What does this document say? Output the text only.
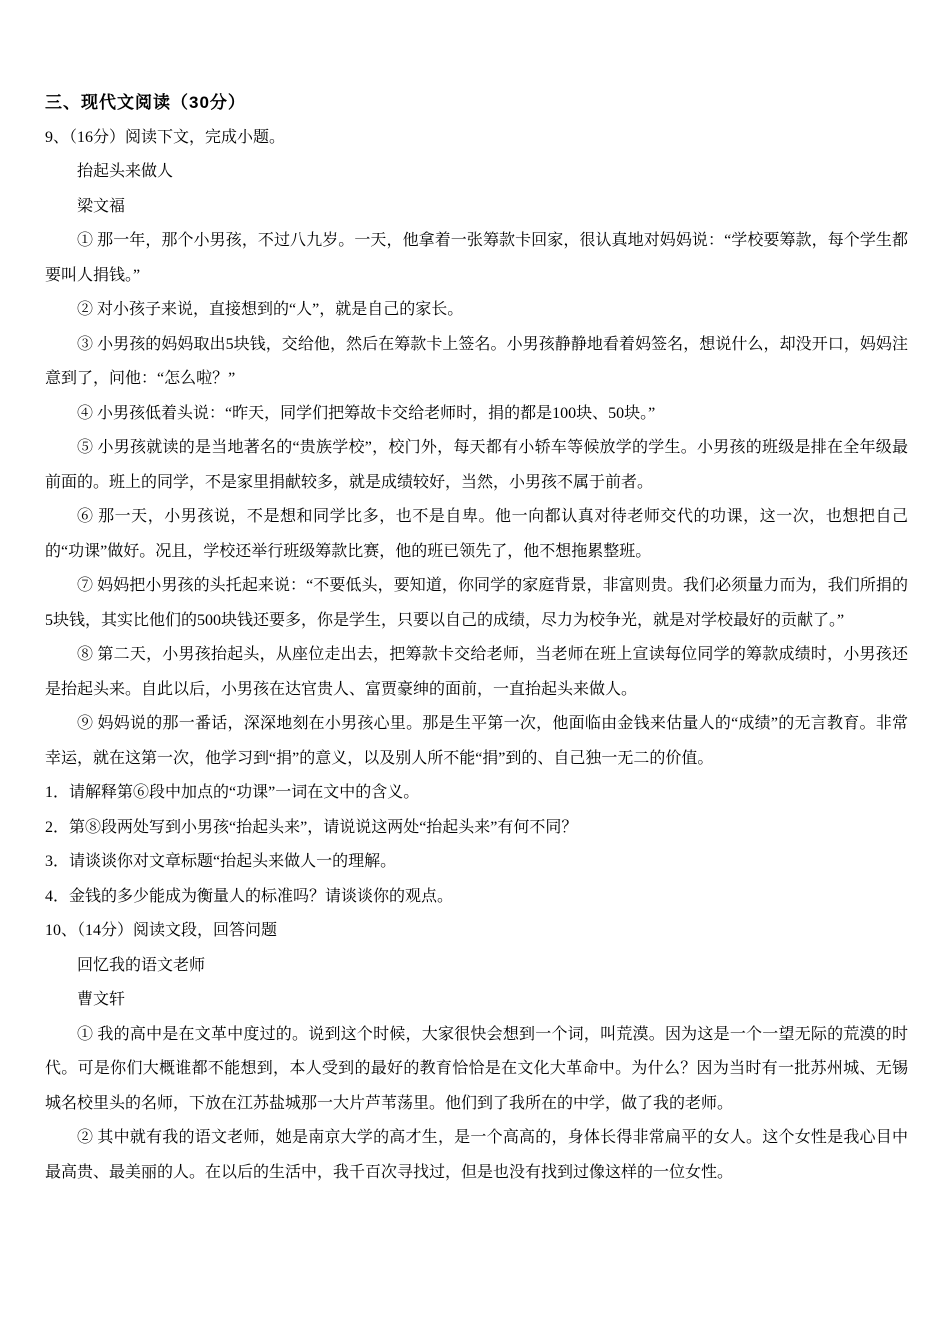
三、现代文阅读（30分）

9、（16分）阅读下文，完成小题。

抬起头来做人

梁文福

① 那一年，那个小男孩，不过八九岁。一天，他拿着一张筹款卡回家，很认真地对妈妈说：“学校要筹款，每个学生都要叫人捐钱。”

② 对小孩子来说，直接想到的“人”，就是自己的家长。

③ 小男孩的妈妈取出5块钱，交给他，然后在筹款卡上签名。小男孩静静地看着妈签名，想说什么，却没开口，妈妈注意到了，问他：“怎么啦？”

④ 小男孩低着头说：“昨天，同学们把筹故卡交给老师时，捐的都是100块、50块。”

⑤ 小男孩就读的是当地著名的“贵族学校”，校门外，每天都有小轿车等候放学的学生。小男孩的班级是排在全年级最前面的。班上的同学，不是家里捐献较多，就是成绩较好，当然，小男孩不属于前者。

⑥ 那一天，小男孩说，不是想和同学比多，也不是自卑。他一向都认真对待老师交代的功课，这一次，也想把自己的“功课”做好。况且，学校还举行班级筹款比赛，他的班已领先了，他不想拖累整班。

⑦ 妈妈把小男孩的头托起来说：“不要低头，要知道，你同学的家庭背景，非富则贵。我们必须量力而为，我们所捐的5块钱，其实比他们的500块钱还要多，你是学生，只要以自己的成绩，尽力为校争光，就是对学校最好的贡献了。”

⑧ 第二天，小男孩抬起头，从座位走出去，把筹款卡交给老师，当老师在班上宣读每位同学的筹款成绩时，小男孩还是抬起头来。自此以后，小男孩在达官贵人、富贾豪绅的面前，一直抬起头来做人。

⑨ 妈妈说的那一番话，深深地刻在小男孩心里。那是生平第一次，他面临由金钱来估量人的“成绩”的无言教育。非常幸运，就在这第一次，他学习到“捐”的意义，以及别人所不能“捐”到的、自己独一无二的价值。

1．请解释第⑥段中加点的“功课”一词在文中的含义。

2．第⑧段两处写到小男孩“抬起头来”，请说说这两处“抬起头来”有何不同？

3．请谈谈你对文章标题“抬起头来做人一的理解。

4．金钱的多少能成为衡量人的标准吗？请谈谈你的观点。

10、（14分）阅读文段，回答问题

回忆我的语文老师

曹文轩

① 我的高中是在文革中度过的。说到这个时候，大家很快会想到一个词，叫荒漠。因为这是一个一望无际的荒漠的时代。可是你们大概谁都不能想到，本人受到的最好的教育恰恰是在文化大革命中。为什么？因为当时有一批苏州城、无锡城名校里头的名师，下放在江苏盐城那一大片芦苇荡里。他们到了我所在的中学，做了我的老师。

② 其中就有我的语文老师，她是南京大学的高才生，是一个高高的，身体长得非常扁平的女人。这个女性是我心目中最高贵、最美丽的人。在以后的生活中，我千百次寻找过，但是也没有找到过像这样的一位女性。
